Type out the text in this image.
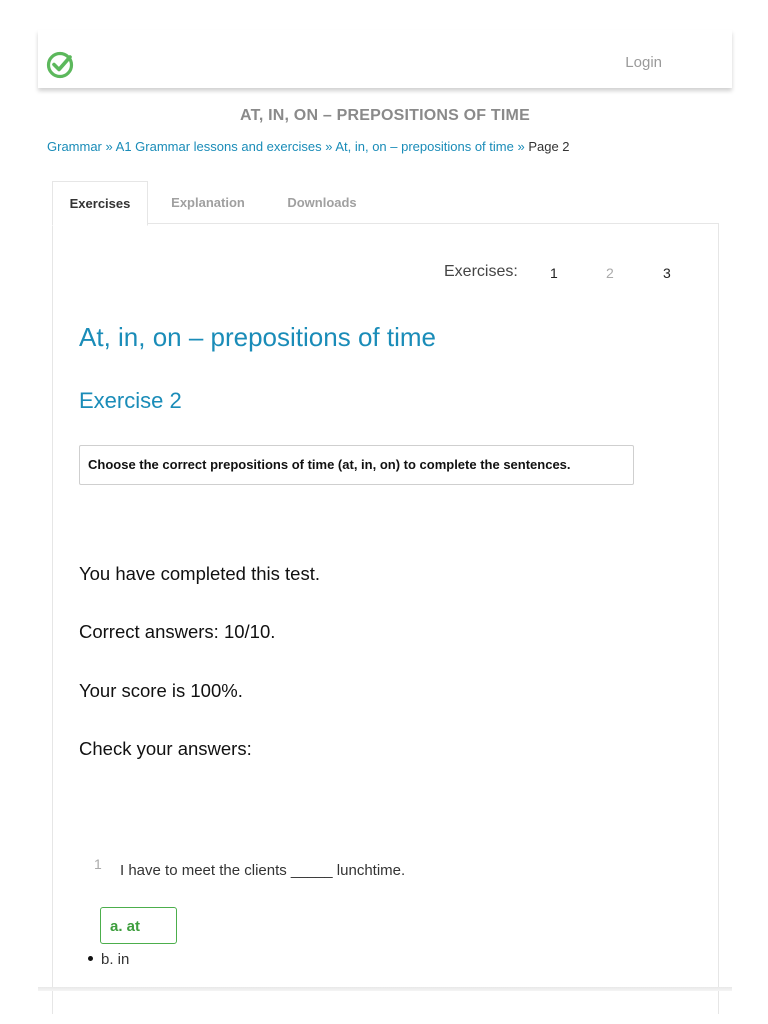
Login
AT, IN, ON – PREPOSITIONS OF TIME
Grammar » A1 Grammar lessons and exercises » At, in, on – prepositions of time » Page 2
Exercises	Explanation	Downloads
Exercises: 1	2	3
At, in, on – prepositions of time
Exercise 2
Choose the correct prepositions of time (at, in, on) to complete the sentences.
You have completed this test.
Correct answers: 10/10.
Your score is 100%.
Check your answers:
1 I have to meet the clients _____ lunchtime.
a. at
b. in
